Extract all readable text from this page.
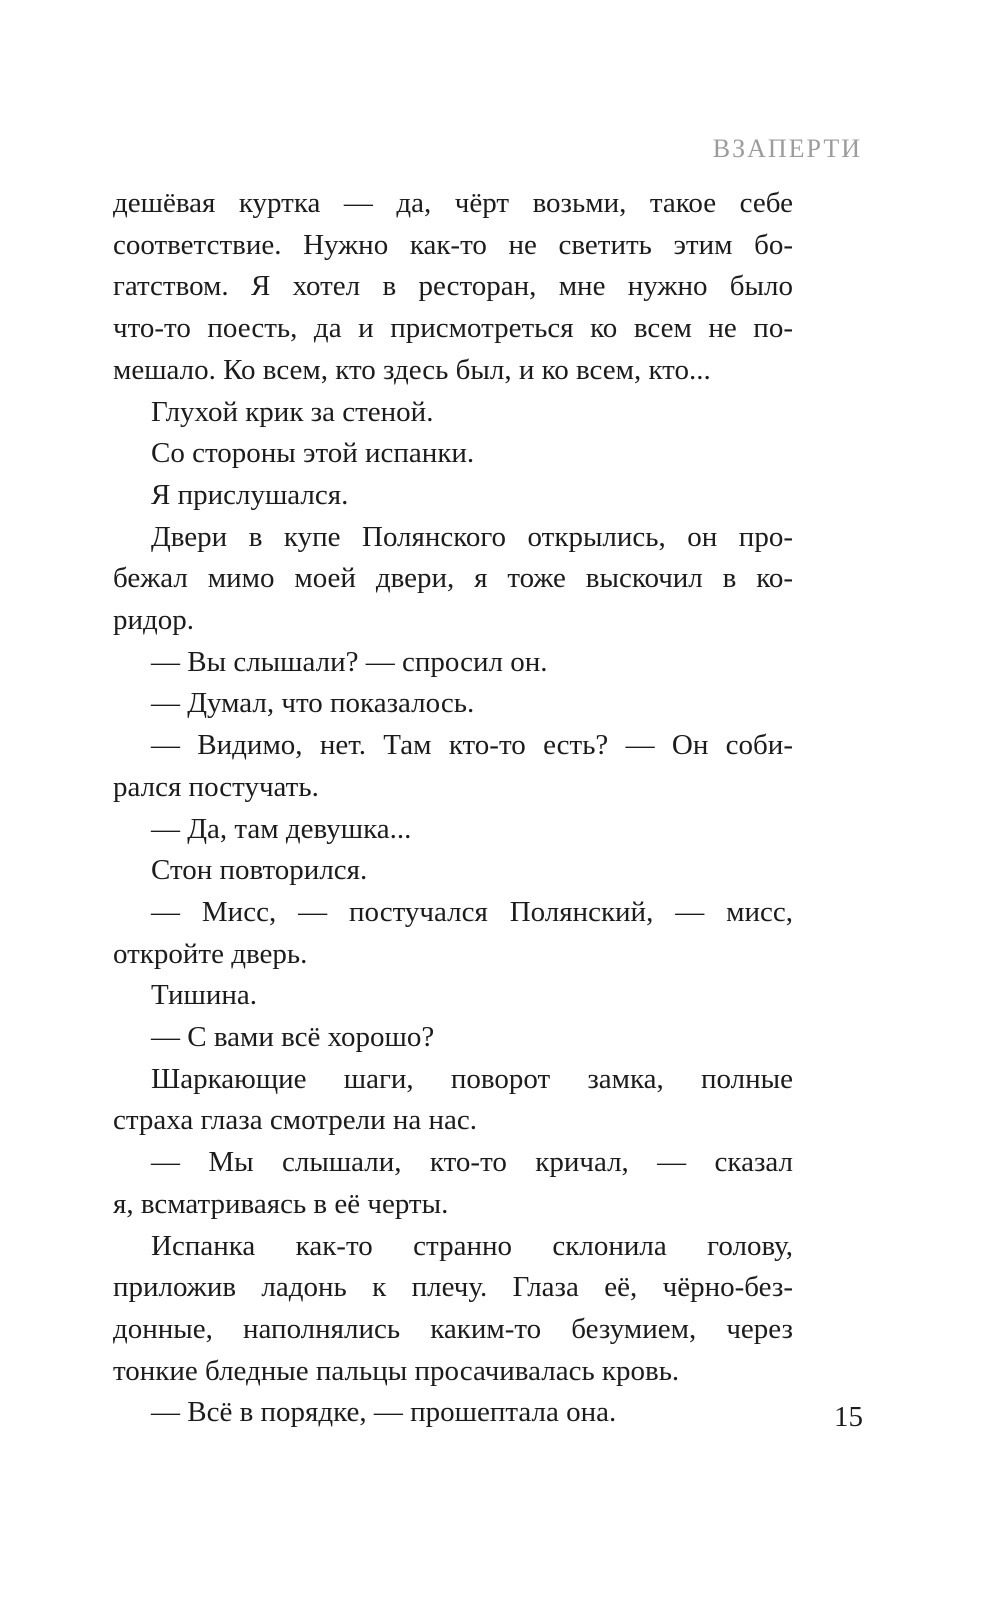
ВЗАПЕРТИ

дешёвая куртка — да, чёрт возьми, такое себе
соответствие. Нужно как-то не светить этим бо-
гатством. Я хотел в ресторан, мне нужно было
что-то поесть, да и присмотреться ко всем не по-
мешало. Ко всем, кто здесь был, и ко всем, кто...

Глухой крик за стеной.

Со стороны этой испанки.

Я прислушался.

Двери в купе Полянского открылись, он про-
бежал мимо моей двери, я тоже выскочил в ко-
ридор.

— Вы слышали? — спросил он.

— Думал, что показалось.

— Видимо, нет. Там кто-то есть? — Он соби-
рался постучать.

— Да, там девушка...

Стон повторился.

— Мисс, — постучался Полянский, — мисс,
откройте дверь.

Тишина.

— С вами всё хорошо?

Шаркающие шаги, поворот замка, полные
страха глаза смотрели на нас.

— Мы слышали, кто-то кричал, — сказал
я, всматриваясь в её черты.

Испанка как-то странно склонила голову,
приложив ладонь к плечу. Глаза её, чёрно-без-
донные, наполнялись каким-то безумием, через
тонкие бледные пальцы просачивалась кровь.

— Всё в порядке, — прошептала она.	15
